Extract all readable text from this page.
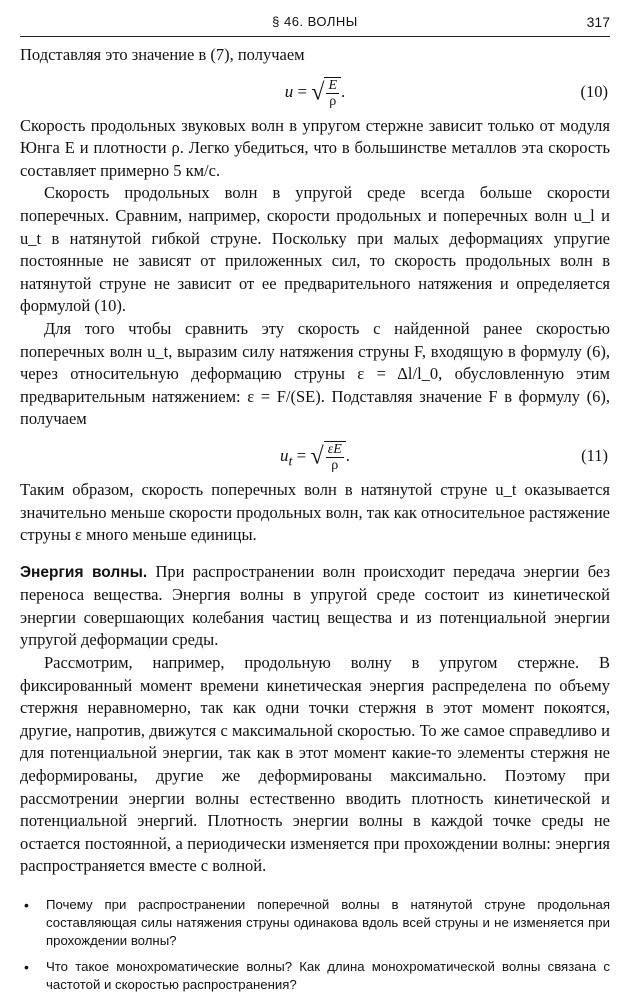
§ 46. ВОЛНЫ	317

Подставляя это значение в (7), получаем

u = √ $\frac{E}{\rho}$ .	(10)

Скорость продольных звуковых волн в упругом стержне зависит только от модуля Юнга E и плотности ρ. Легко убедиться, что в большинстве металлов эта скорость составляет примерно 5 км/с.

Скорость продольных волн в упругой среде всегда больше скорости поперечных. Сравним, например, скорости продольных и поперечных волн u_l и u_t в натянутой гибкой струне. Поскольку при малых деформациях упругие постоянные не зависят от приложенных сил, то скорость продольных волн в натянутой струне не зависит от ее предварительного натяжения и определяется формулой (10).

Для того чтобы сравнить эту скорость с найденной ранее скоростью поперечных волн u_t, выразим силу натяжения струны F, входящую в формулу (6), через относительную деформацию струны ε = Δl/l_0, обусловленную этим предварительным натяжением: ε = F/(SE). Подставляя значение F в формулу (6), получаем

$u_t$ = √ $\frac{\varepsilon E}{\rho}$ .	(11)

Таким образом, скорость поперечных волн в натянутой струне u_t оказывается значительно меньше скорости продольных волн, так как относительное растяжение струны ε много меньше единицы.

Энергия волны. При распространении волн происходит передача энергии без переноса вещества. Энергия волны в упругой среде состоит из кинетической энергии совершающих колебания частиц вещества и из потенциальной энергии упругой деформации среды.

Рассмотрим, например, продольную волну в упругом стержне. В фиксированный момент времени кинетическая энергия распределена по объему стержня неравномерно, так как одни точки стержня в этот момент покоятся, другие, напротив, движутся с максимальной скоростью. То же самое справедливо и для потенциальной энергии, так как в этот момент какие-то элементы стержня не деформированы, другие же деформированы максимально. Поэтому при рассмотрении энергии волны естественно вводить плотность кинетической и потенциальной энергий. Плотность энергии волны в каждой точке среды не остается постоянной, а периодически изменяется при прохождении волны: энергия распространяется вместе с волной.

• Почему при распространении поперечной волны в натянутой струне продольная составляющая силы натяжения струны одинакова вдоль всей струны и не изменяется при прохождении волны?
• Что такое монохроматические волны? Как длина монохроматической волны связана с частотой и скоростью распространения?
